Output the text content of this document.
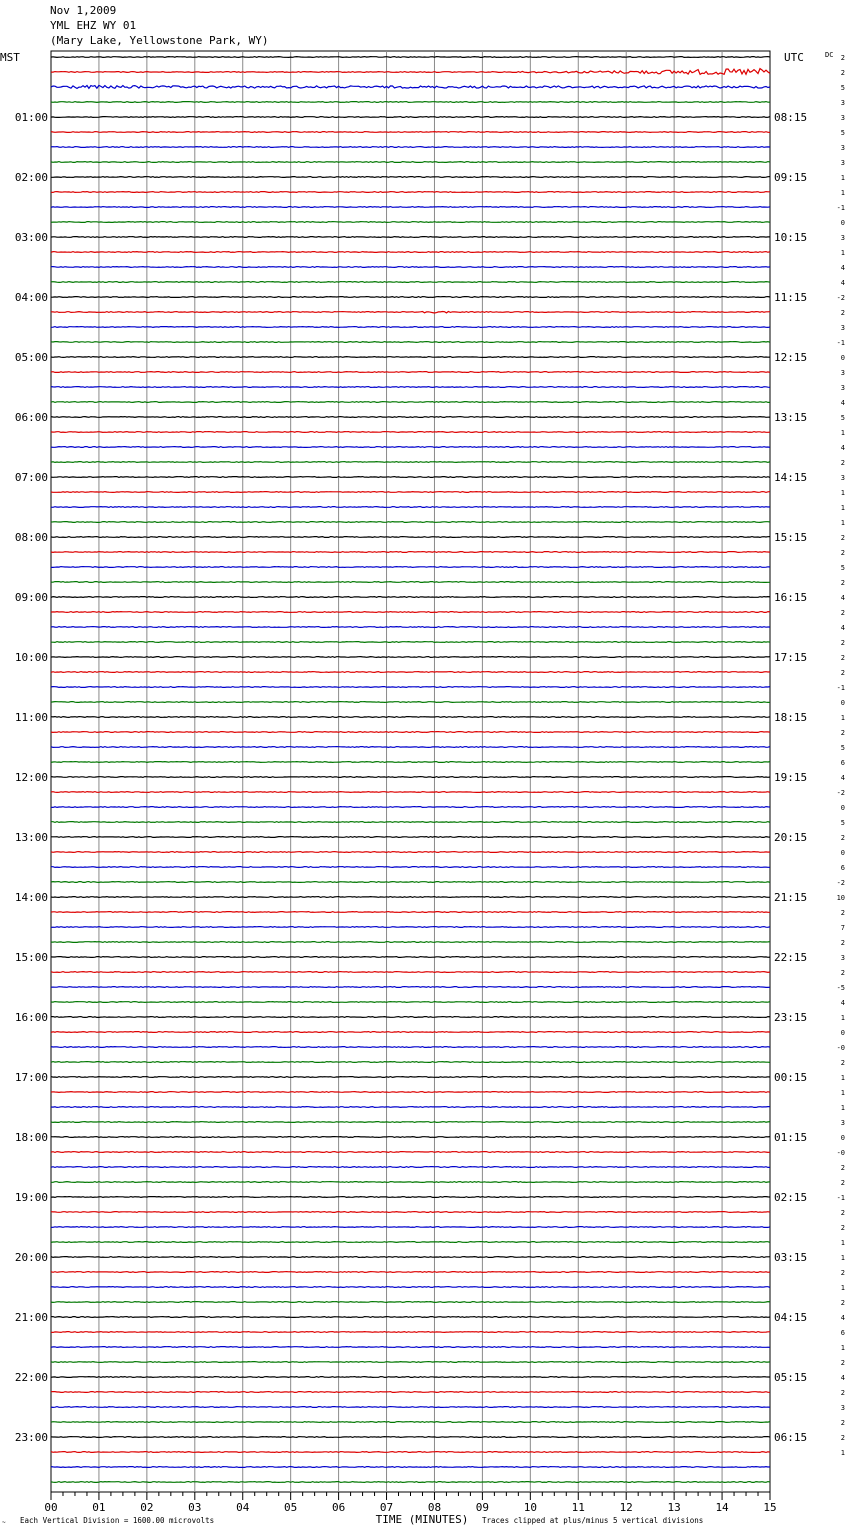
Nov 1,2009
YML EHZ WY 01
(Mary Lake, Yellowstone Park, WY)
MST	UTC	DC
01:00
02:00
03:00
04:00
05:00
06:00
07:00
08:00
09:00
10:00
11:00
12:00
13:00
14:00
15:00
16:00
17:00
18:00
19:00
20:00
21:00
22:00
23:00
08:15
09:15
10:15
11:15
12:15
13:15
14:15
15:15
16:15
17:15
18:15
19:15
20:15
21:15
22:15
23:15
00:15
01:15
02:15
03:15
04:15
05:15
06:15
2
2
5
3
3
5
3
3
1
1
-1
0
3
1
4
4
-2
2
3
-1
0
3
3
4
5
1
4
2
3
1
1
1
2
2
5
2
4
2
4
2
2
2
-1
0
1
2
5
6
4
-2
0
5
2
0
6
-2
10
2
7
2
3
2
-5
4
1
0
-0
2
1
1
1
3
0
-0
2
2
-1
2
2
1
1
2
1
2
4
6
1
2
4
2
3
2
2
1
00	01	02	03	04	05	06	07	08	09	10	11	12	13	14	15
~ Each Vertical Division = 1600.00 microvolts	TIME (MINUTES) Traces clipped at plus/minus 5 vertical divisions
